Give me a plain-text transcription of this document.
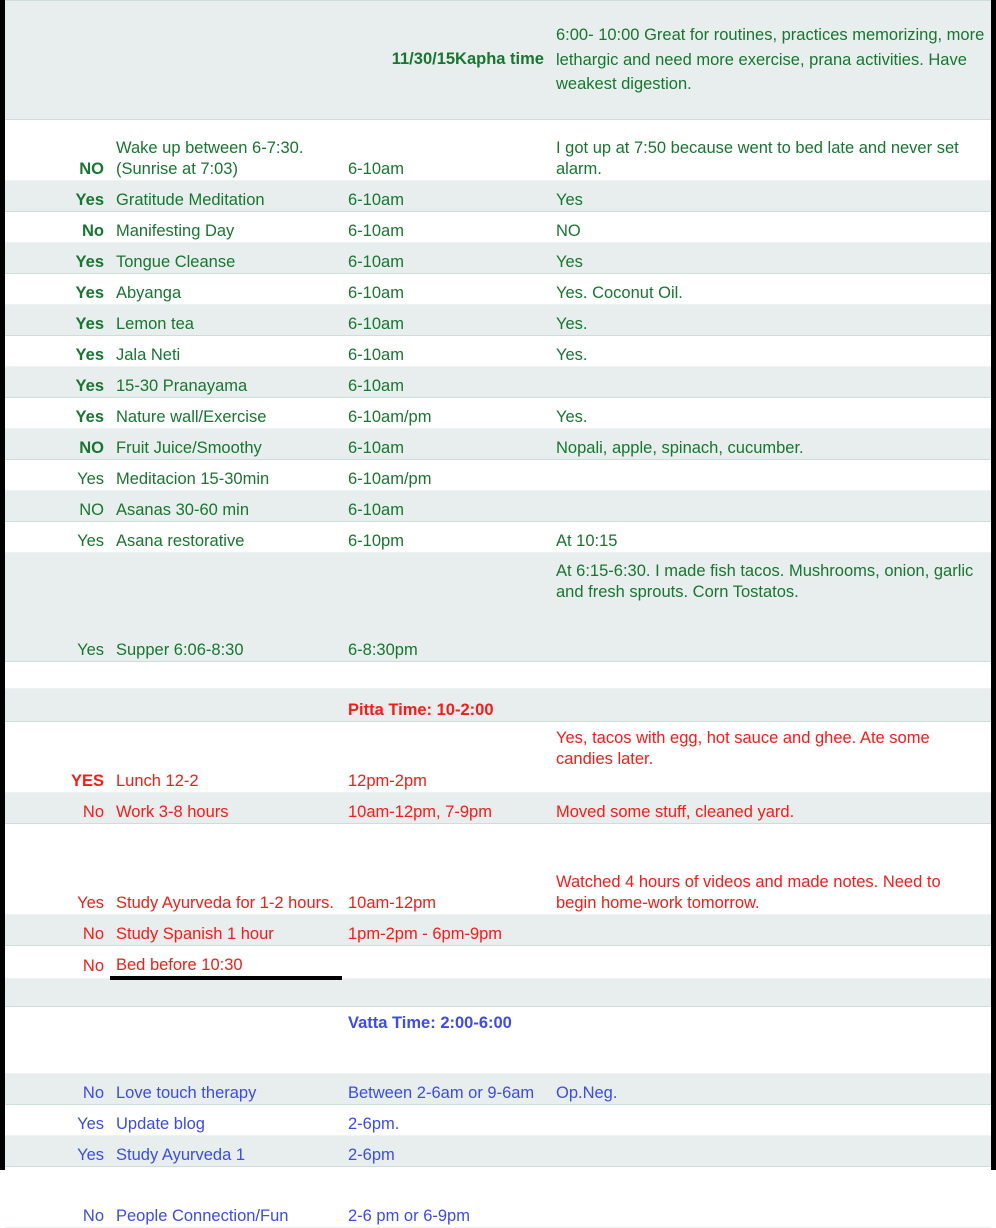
		11/30/15Kapha time	6:00- 10:00 Great for routines, practices memorizing, more lethargic and need more exercise, prana activities. Have weakest digestion.
NO	Wake up between 6-7:30. (Sunrise at 7:03)	6-10am	I got up at 7:50 because went to bed late and never set alarm.
Yes	Gratitude Meditation	6-10am	Yes
No	Manifesting Day	6-10am	NO
Yes	Tongue Cleanse	6-10am	Yes
Yes	Abyanga	6-10am	Yes. Coconut Oil.
Yes	Lemon tea	6-10am	Yes.
Yes	Jala Neti	6-10am	Yes.
Yes	15-30 Pranayama	6-10am	
Yes	Nature wall/Exercise	6-10am/pm	Yes.
NO	Fruit Juice/Smoothy	6-10am	Nopali, apple, spinach, cucumber.
Yes	Meditacion 15-30min	6-10am/pm	
NO	Asanas 30-60 min	6-10am	
Yes	Asana restorative	6-10pm	At 10:15
Yes	Supper 6:06-8:30	6-8:30pm	At 6:15-6:30. I made fish tacos. Mushrooms, onion, garlic and fresh sprouts. Corn Tostatos.

		Pitta Time: 10-2:00	
YES	Lunch 12-2	12pm-2pm	Yes, tacos with egg, hot sauce and ghee. Ate some candies later.
No	Work 3-8 hours	10am-12pm, 7-9pm	Moved some stuff, cleaned yard.
Yes	Study Ayurveda for 1-2 hours.	10am-12pm	Watched 4 hours of videos and made notes. Need to begin home-work tomorrow.
No	Study Spanish 1 hour	1pm-2pm - 6pm-9pm	
No	Bed before 10:30		

		Vatta Time: 2:00-6:00	
No	Love touch therapy	Between 2-6am or 9-6am	Op.Neg.
Yes	Update blog	2-6pm.	
Yes	Study Ayurveda 1	2-6pm	
No	People Connection/Fun	2-6 pm or 6-9pm	
